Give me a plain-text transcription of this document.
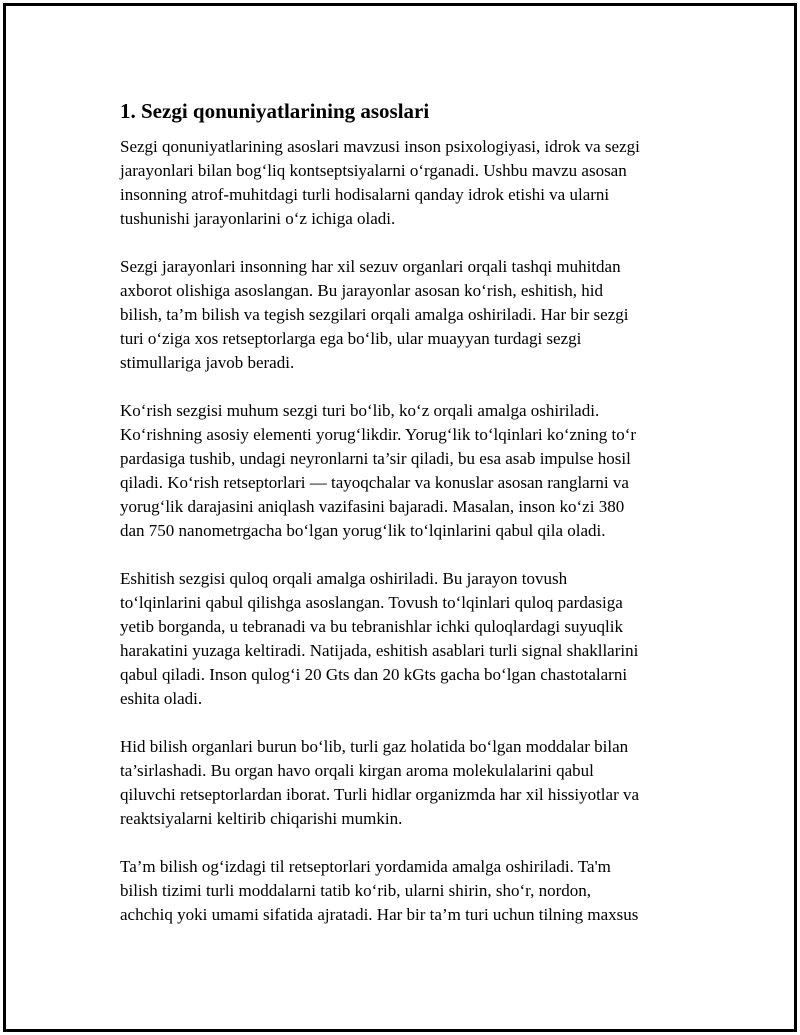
1. Sezgi qonuniyatlarining asoslari

Sezgi qonuniyatlarining asoslari mavzusi inson psixologiyasi, idrok va sezgi
jarayonlari bilan bog‘liq kontseptsiyalarni o‘rganadi. Ushbu mavzu asosan
insonning atrof-muhitdagi turli hodisalarni qanday idrok etishi va ularni
tushunishi jarayonlarini o‘z ichiga oladi.

Sezgi jarayonlari insonning har xil sezuv organlari orqali tashqi muhitdan
axborot olishiga asoslangan. Bu jarayonlar asosan ko‘rish, eshitish, hid
bilish, ta’m bilish va tegish sezgilari orqali amalga oshiriladi. Har bir sezgi
turi o‘ziga xos retseptorlarga ega bo‘lib, ular muayyan turdagi sezgi
stimullariga javob beradi.

Ko‘rish sezgisi muhum sezgi turi bo‘lib, ko‘z orqali amalga oshiriladi.
Ko‘rishning asosiy elementi yorug‘likdir. Yorug‘lik to‘lqinlari ko‘zning to‘r
pardasiga tushib, undagi neyronlarni ta’sir qiladi, bu esa asab impulse hosil
qiladi. Ko‘rish retseptorlari — tayoqchalar va konuslar asosan ranglarni va
yorug‘lik darajasini aniqlash vazifasini bajaradi. Masalan, inson ko‘zi 380
dan 750 nanometrgacha bo‘lgan yorug‘lik to‘lqinlarini qabul qila oladi.

Eshitish sezgisi quloq orqali amalga oshiriladi. Bu jarayon tovush
to‘lqinlarini qabul qilishga asoslangan. Tovush to‘lqinlari quloq pardasiga
yetib borganda, u tebranadi va bu tebranishlar ichki quloqlardagi suyuqlik
harakatini yuzaga keltiradi. Natijada, eshitish asablari turli signal shakllarini
qabul qiladi. Inson qulog‘i 20 Gts dan 20 kGts gacha bo‘lgan chastotalarni
eshita oladi.

Hid bilish organlari burun bo‘lib, turli gaz holatida bo‘lgan moddalar bilan
ta’sirlashadi. Bu organ havo orqali kirgan aroma molekulalarini qabul
qiluvchi retseptorlardan iborat. Turli hidlar organizmda har xil hissiyotlar va
reaktsiyalarni keltirib chiqarishi mumkin.

Ta’m bilish og‘izdagi til retseptorlari yordamida amalga oshiriladi. Ta'm
bilish tizimi turli moddalarni tatib ko‘rib, ularni shirin, sho‘r, nordon,
achchiq yoki umami sifatida ajratadi. Har bir ta’m turi uchun tilning maxsus
